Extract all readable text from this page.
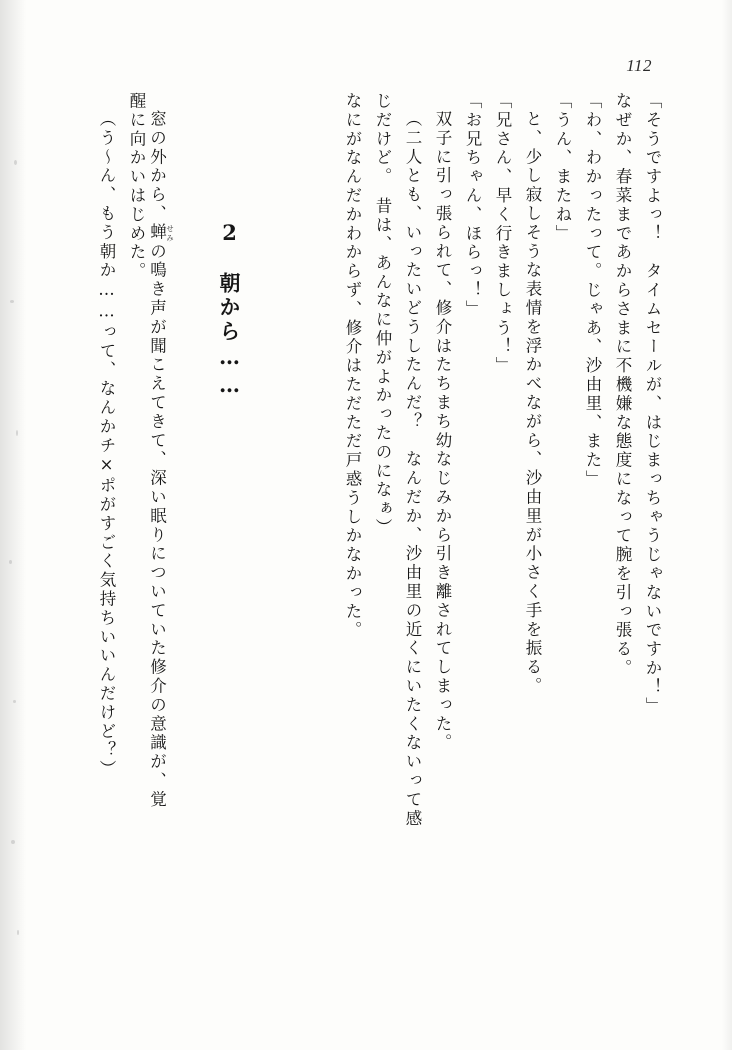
112
「そうですよっ！　タイムセールが、はじまっちゃうじゃないですか！」
なぜか、春菜まであからさまに不機嫌な態度になって腕を引っ張る。
「わ、わかったって。じゃあ、沙由里、また」
「うん、またね」
と、少し寂しそうな表情を浮かべながら、沙由里が小さく手を振る。
「兄さん、早く行きましょう！」
「お兄ちゃん、ほらっ！」
双子に引っ張られて、修介はたちまち幼なじみから引き離されてしまった。
（二人とも、いったいどうしたんだ？　なんだか、沙由里の近くにいたくないって感
じだけど。　昔は、あんなに仲がよかったのになぁ）
なにがなんだかわからず、修介はただただ戸惑うしかなかった。
2　朝から……
窓の外から、蝉 せみの鳴き声が聞こえてきて、深い眠りについていた修介の意識が、覚
醒に向かいはじめた。
（う～ん、もう朝か……って、なんかチ×ポがすごく気持ちいいんだけど？）
